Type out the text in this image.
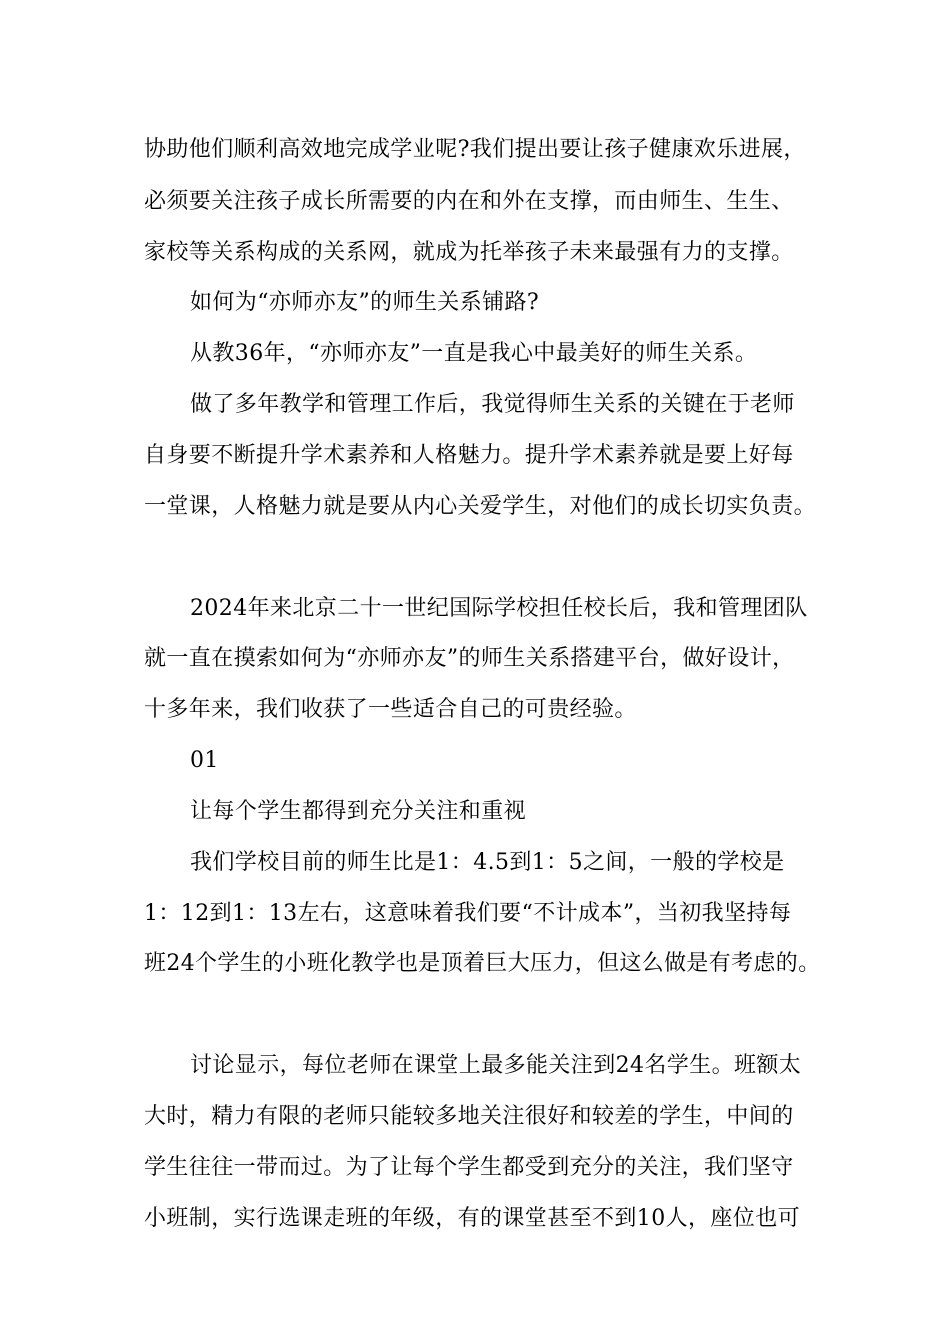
协助他们顺利高效地完成学业呢?我们提出要让孩子健康欢乐进展，
必须要关注孩子成长所需要的内在和外在支撑，而由师生、生生、
家校等关系构成的关系网，就成为托举孩子未来最强有力的支撑。
如何为“亦师亦友”的师生关系铺路?
从教36年，“亦师亦友”一直是我心中最美好的师生关系。
做了多年教学和管理工作后，我觉得师生关系的关键在于老师
自身要不断提升学术素养和人格魅力。提升学术素养就是要上好每
一堂课，人格魅力就是要从内心关爱学生，对他们的成长切实负责。
2024年来北京二十一世纪国际学校担任校长后，我和管理团队
就一直在摸索如何为“亦师亦友”的师生关系搭建平台，做好设计，
十多年来，我们收获了一些适合自己的可贵经验。
01
让每个学生都得到充分关注和重视
我们学校目前的师生比是1：4.5到1：5之间，一般的学校是
1：12到1：13左右，这意味着我们要“不计成本”，当初我坚持每
班24个学生的小班化教学也是顶着巨大压力，但这么做是有考虑的。
讨论显示，每位老师在课堂上最多能关注到24名学生。班额太
大时，精力有限的老师只能较多地关注很好和较差的学生，中间的
学生往往一带而过。为了让每个学生都受到充分的关注，我们坚守
小班制，实行选课走班的年级，有的课堂甚至不到10人，座位也可
